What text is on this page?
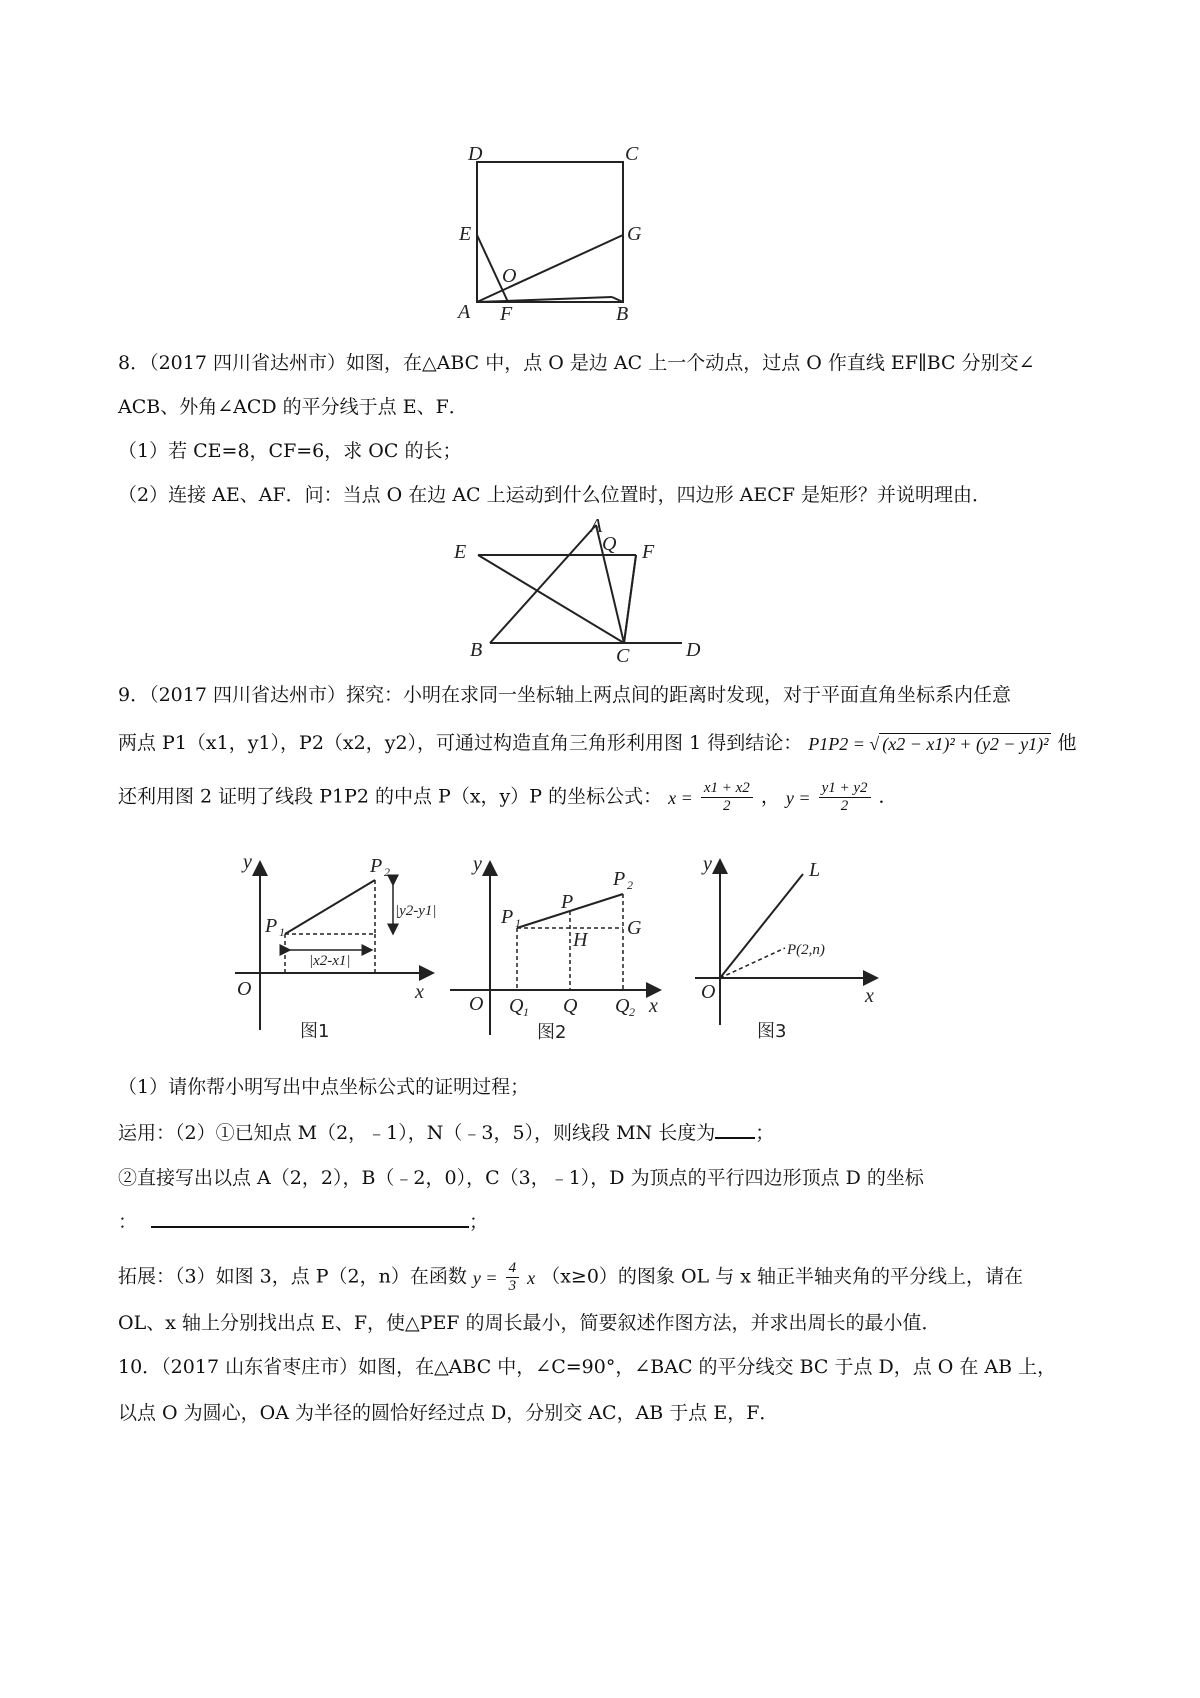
D	C
E	G
O
A F	B
8．（2017 四川省达州市）如图，在△ABC 中，点 O 是边 AC 上一个动点，过点 O 作直线 EF∥BC 分别交∠
ACB、外角∠ACD 的平分线于点 E、F．
（1）若 CE=8，CF=6，求 OC 的长；
（2）连接 AE、AF．问：当点 O 在边 AC 上运动到什么位置时，四边形 AECF 是矩形？并说明理由．
A
Q
E	F
B	C	D
9．（2017 四川省达州市）探究：小明在求同一坐标轴上两点间的距离时发现，对于平面直角坐标系内任意
两点 P1（x1，y1），P2（x2，y2），可通过构造直角三角形利用图 1 得到结论： P1P2 = √ (x2 − x1)² + (y2 − y1)² 他
还利用图 2 证明了线段 P1P2 的中点 P（x，y）P 的坐标公式： $x = \frac{x1 + x2}{2}$ ， $y = \frac{y1 + y2}{2}$ ．
y
x
O
P 1
P 2
|y2-y1|
|x2-x1|
图1
y
x
O
P 1
P 2
P
H
G
Q 1 Q Q 2
图2
y
x
O
L
P(2,n)
图3
（1）请你帮小明写出中点坐标公式的证明过程；
运用：（2）①已知点 M（2，﹣1），N（﹣3，5），则线段 MN 长度为 ；
②直接写出以点 A（2，2），B（﹣2，0），C（3，﹣1），D 为顶点的平行四边形顶点 D 的坐标
：	；
拓展：（3）如图 3，点 P（2，n）在函数 $y = \frac{4}{3}$ x （x≥0）的图象 OL 与 x 轴正半轴夹角的平分线上，请在
OL、x 轴上分别找出点 E、F，使△PEF 的周长最小，简要叙述作图方法，并求出周长的最小值．
10．（2017 山东省枣庄市）如图，在△ABC 中，∠C=90°，∠BAC 的平分线交 BC 于点 D，点 O 在 AB 上，
以点 O 为圆心，OA 为半径的圆恰好经过点 D，分别交 AC，AB 于点 E，F．
